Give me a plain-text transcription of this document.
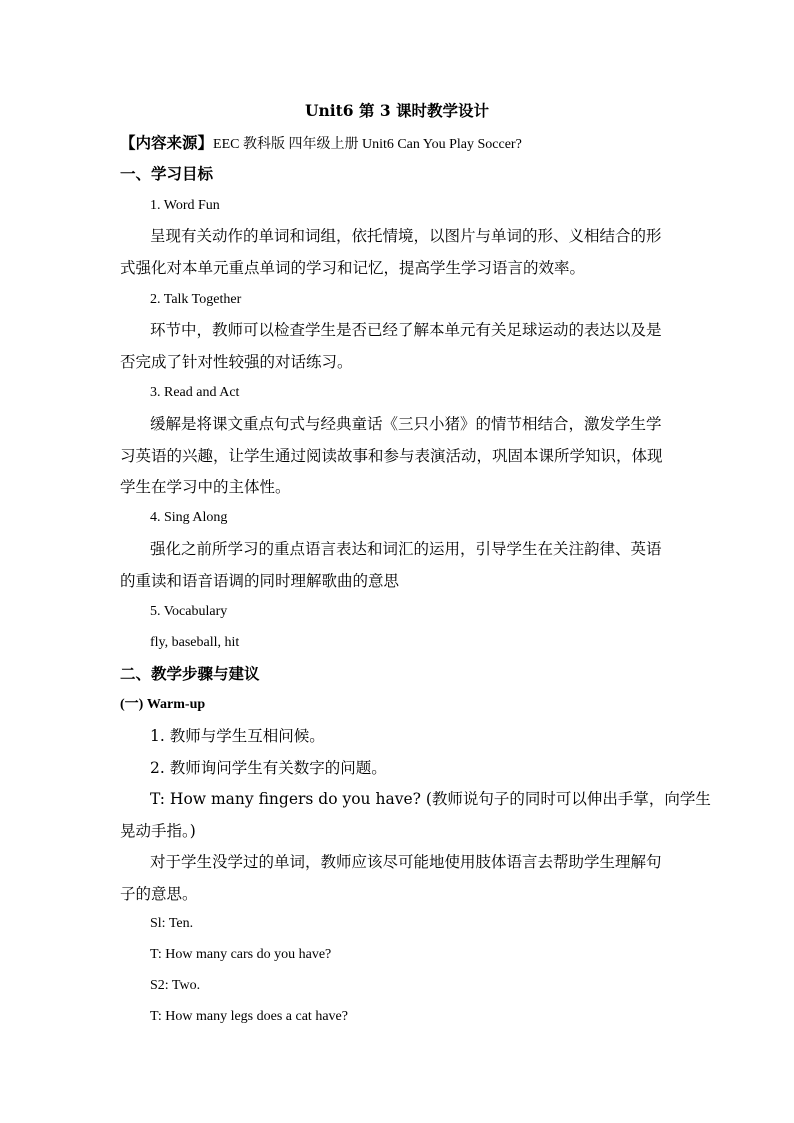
Unit6 第 3 课时教学设计
【内容来源】EEC 教科版 四年级上册 Unit6 Can You Play Soccer?
一、学习目标
1. Word Fun
呈现有关动作的单词和词组，依托情境，以图片与单词的形、义相结合的形
式强化对本单元重点单词的学习和记忆，提高学生学习语言的效率。
2. Talk Together
环节中，教师可以检查学生是否已经了解本单元有关足球运动的表达以及是
否完成了针对性较强的对话练习。
3. Read and Act
缓解是将课文重点句式与经典童话《三只小猪》的情节相结合，激发学生学
习英语的兴趣，让学生通过阅读故事和参与表演活动，巩固本课所学知识，体现
学生在学习中的主体性。
4. Sing Along
强化之前所学习的重点语言表达和词汇的运用，引导学生在关注韵律、英语
的重读和语音语调的同时理解歌曲的意思
5. Vocabulary
fly, baseball, hit
二、教学步骤与建议
(一) Warm-up
1. 教师与学生互相问候。
2. 教师询问学生有关数字的问题。
T: How many fingers do you have? (教师说句子的同时可以伸出手掌，向学生
晃动手指。)
对于学生没学过的单词，教师应该尽可能地使用肢体语言去帮助学生理解句
子的意思。
Sl: Ten.
T: How many cars do you have?
S2: Two.
T: How many legs does a cat have?
